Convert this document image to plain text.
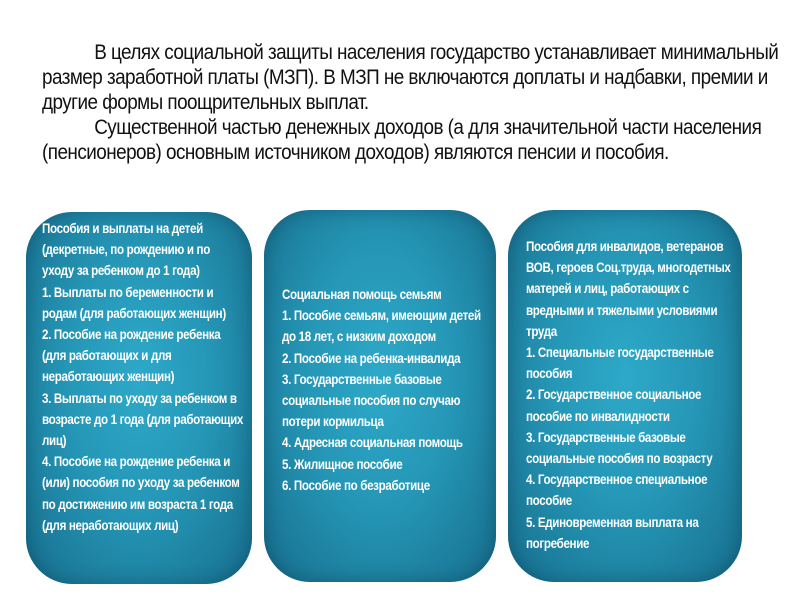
В целях социальной защиты населения государство устанавливает минимальный размер заработной платы (МЗП). В МЗП не включаются доплаты и надбавки, премии и другие формы поощрительных выплат.

Существенной частью денежных доходов (а для значительной части населения (пенсионеров) основным источником доходов) являются пенсии и пособия.

Пособия и выплаты на детей (декретные, по рождению и по уходу за ребенком до 1 года)
1. Выплаты по беременности и родам (для работающих женщин)
2. Пособие на рождение ребенка (для работающих и для неработающих женщин)
3. Выплаты по уходу за ребенком в возрасте до 1 года (для работающих лиц)
4. Пособие на рождение ребенка и (или) пособия по уходу за ребенком по достижению им возраста 1 года (для неработающих лиц)
Социальная помощь семьям
1. Пособие семьям, имеющим детей до 18 лет, с низким доходом
2. Пособие на ребенка-инвалида
3. Государственные базовые социальные пособия по случаю потери кормильца
4. Адресная социальная помощь
5. Жилищное пособие
6. Пособие по безработице
Пособия для инвалидов, ветеранов ВОВ, героев Соц.труда, многодетных матерей и лиц, работающих с вредными и тяжелыми условиями труда
1. Специальные государственные пособия
2. Государственное социальное пособие по инвалидности
3. Государственные базовые социальные пособия по возрасту
4. Государственное специальное пособие
5. Единовременная выплата на погребение
